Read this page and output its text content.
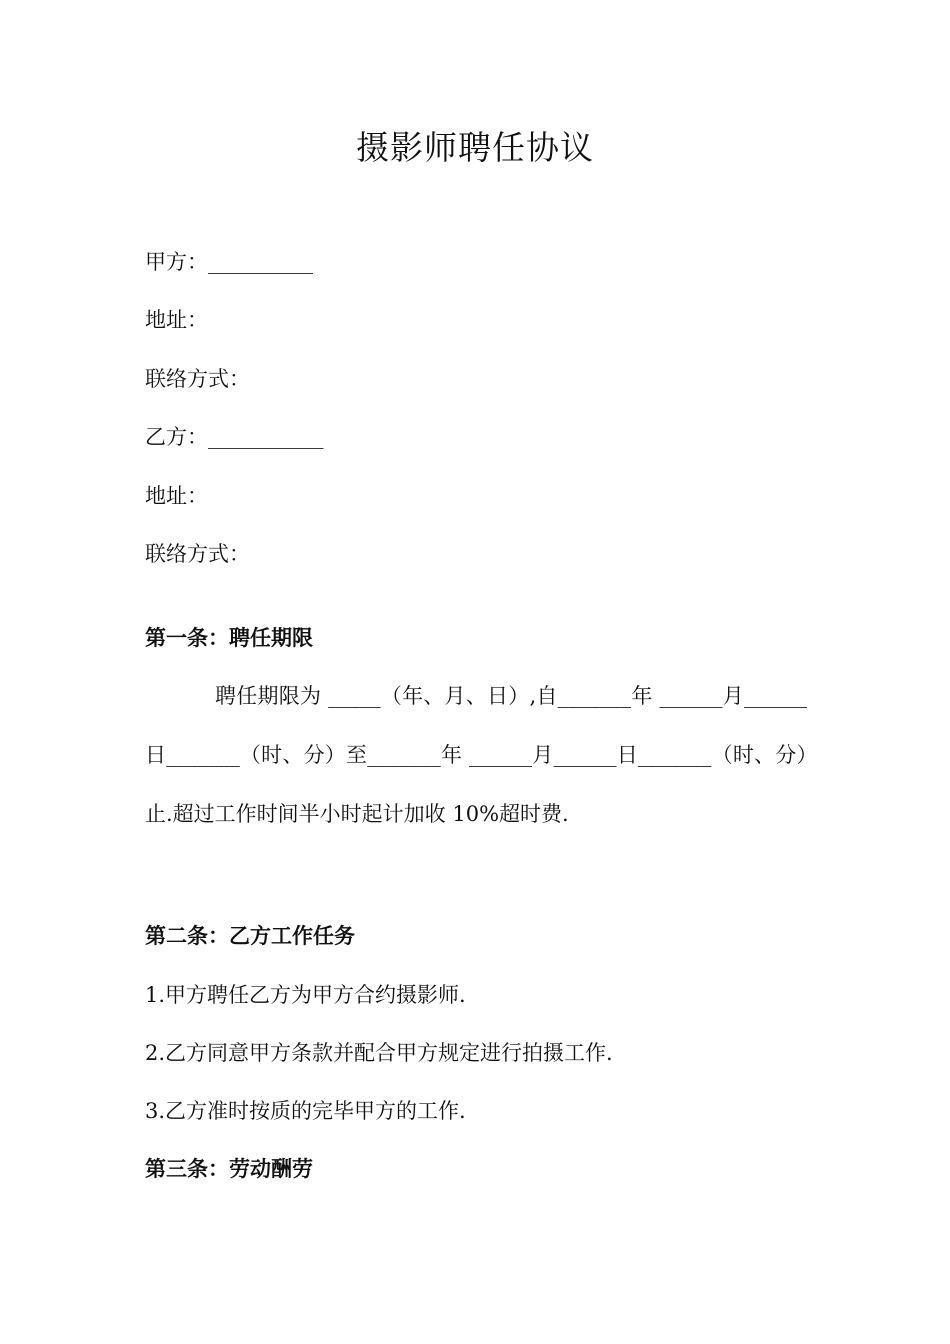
摄影师聘任协议
甲方：__________
地址：
联络方式：
乙方：___________
地址：
联络方式：
第一条：聘任期限
聘任期限为 _____（年、月、日）,自_______年 ______月______日_______（时、分）至_______年 ______月______日_______（时、分）止.超过工作时间半小时起计加收 10%超时费.
第二条：乙方工作任务
1.甲方聘任乙方为甲方合约摄影师.
2.乙方同意甲方条款并配合甲方规定进行拍摄工作.
3.乙方准时按质的完毕甲方的工作.
第三条：劳动酬劳
